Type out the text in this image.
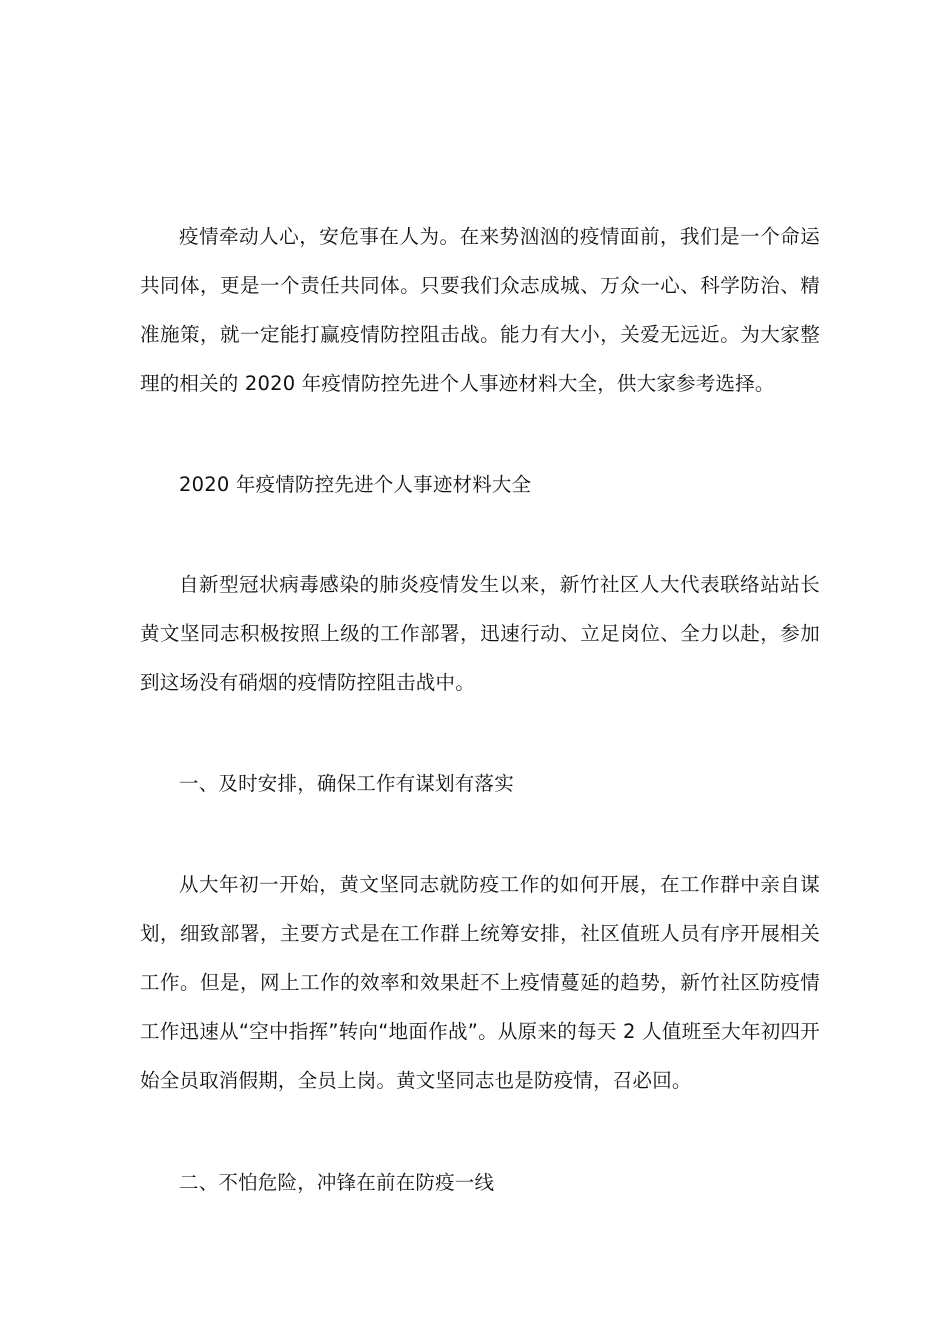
疫情牵动人心，安危事在人为。在来势汹汹的疫情面前，我们是一个命运共同体，更是一个责任共同体。只要我们众志成城、万众一心、科学防治、精准施策，就一定能打赢疫情防控阻击战。能力有大小，关爱无远近。为大家整理的相关的 2020 年疫情防控先进个人事迹材料大全，供大家参考选择。

2020 年疫情防控先进个人事迹材料大全

自新型冠状病毒感染的肺炎疫情发生以来，新竹社区人大代表联络站站长黄文坚同志积极按照上级的工作部署，迅速行动、立足岗位、全力以赴，参加到这场没有硝烟的疫情防控阻击战中。

一、及时安排，确保工作有谋划有落实

从大年初一开始，黄文坚同志就防疫工作的如何开展，在工作群中亲自谋划，细致部署，主要方式是在工作群上统筹安排，社区值班人员有序开展相关工作。但是，网上工作的效率和效果赶不上疫情蔓延的趋势，新竹社区防疫情工作迅速从“空中指挥”转向“地面作战”。从原来的每天 2 人值班至大年初四开始全员取消假期，全员上岗。黄文坚同志也是防疫情，召必回。

二、不怕危险，冲锋在前在防疫一线
